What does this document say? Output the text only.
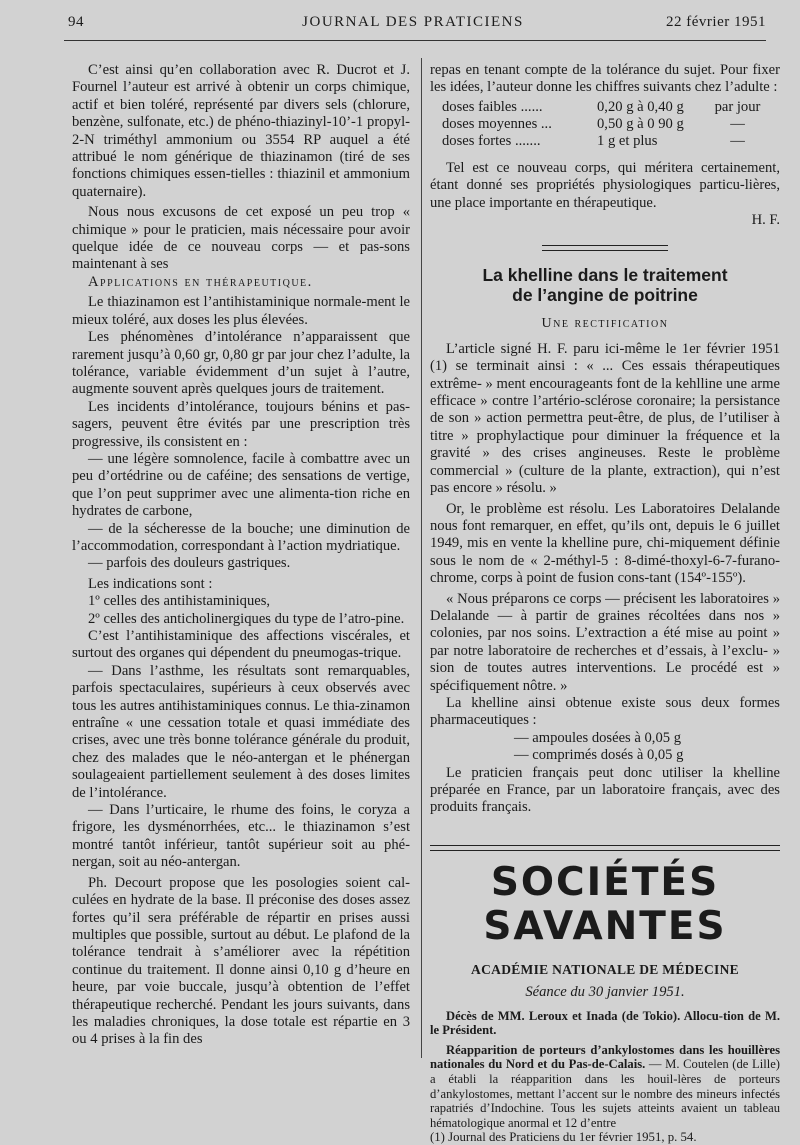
94	JOURNAL DES PRATICIENS	22 février 1951

C’est ainsi qu’en collaboration avec R. Ducrot et J. Fournel l’auteur est arrivé à obtenir un corps chimique, actif et bien toléré, représenté par divers sels (chlorure, benzène, sulfonate, etc.) de phéno-thiazinyl-10’-1 propyl-2-N triméthyl ammonium ou 3554 RP auquel a été attribué le nom générique de thiazinamon (tiré de ses fonctions chimiques essen-tielles : thiazinil et ammonium quaternaire).

Nous nous excusons de cet exposé un peu trop « chimique » pour le praticien, mais nécessaire pour avoir quelque idée de ce nouveau corps — et pas-sons maintenant à ses

Applications en thérapeutique.

Le thiazinamon est l’antihistaminique normale-ment le mieux toléré, aux doses les plus élevées.

Les phénomènes d’intolérance n’apparaissent que rarement jusqu’à 0,60 gr, 0,80 gr par jour chez l’adulte, la tolérance, variable évidemment d’un sujet à l’autre, augmente souvent après quelques jours de traitement.

Les incidents d’intolérance, toujours bénins et pas-sagers, peuvent être évités par une prescription très progressive, ils consistent en :

— une légère somnolence, facile à combattre avec un peu d’ortédrine ou de caféine; des sensations de vertige, que l’on peut supprimer avec une alimenta-tion riche en hydrates de carbone,

— de la sécheresse de la bouche; une diminution de l’accommodation, correspondant à l’action mydriatique.

— parfois des douleurs gastriques.

Les indications sont :

1º celles des antihistaminiques,

2º celles des anticholinergiques du type de l’atro-pine.

C’est l’antihistaminique des affections viscérales, et surtout des organes qui dépendent du pneumogas-trique.

— Dans l’asthme, les résultats sont remarquables, parfois spectaculaires, supérieurs à ceux observés avec tous les autres antihistaminiques connus. Le thia-zinamon entraîne « une cessation totale et quasi immédiate des crises, avec une très bonne tolérance générale du produit, chez des malades que le néo-antergan et le phénergan soulageaient partiellement seulement à des doses limites de l’intolérance.

— Dans l’urticaire, le rhume des foins, le coryza a frigore, les dysménorrhées, etc... le thiazinamon s’est montré tantôt inférieur, tantôt supérieur soit au phé-nergan, soit au néo-antergan.

Ph. Decourt propose que les posologies soient cal-culées en hydrate de la base. Il préconise des doses assez fortes qu’il sera préférable de répartir en prises aussi multiples que possible, surtout au début. Le plafond de la tolérance tendrait à s’améliorer avec la répétition continue du traitement. Il donne ainsi 0,10 g d’heure en heure, par voie buccale, jusqu’à obtention de l’effet thérapeutique recherché. Pendant les jours suivants, dans les maladies chroniques, la dose totale est répartie en 3 ou 4 prises à la fin des

repas en tenant compte de la tolérance du sujet. Pour fixer les idées, l’auteur donne les chiffres suivants chez l’adulte :

doses faibles ......	0,20 g à 0,40 g	par jour
doses moyennes ...	0,50 g à 0 90 g	—
doses fortes .......	1 g et plus	—

Tel est ce nouveau corps, qui méritera certainement, étant donné ses propriétés physiologiques particu-lières, une place importante en thérapeutique.

H. F.

La khelline dans le traitement
de l’angine de poitrine
Une rectification

L’article signé H. F. paru ici-même le 1er février 1951 (1) se terminait ainsi : « ... Ces essais thérapeutiques extrême- » ment encourageants font de la kehlline une arme efficace » contre l’artério-sclérose coronaire; la persistance de son » action permettra peut-être, de plus, de l’utiliser à titre » prophylactique pour diminuer la fréquence et la gravité » des crises angineuses. Reste le problème commercial » (culture de la plante, extraction), qui n’est pas encore » résolu. »

Or, le problème est résolu. Les Laboratoires Delalande nous font remarquer, en effet, qu’ils ont, depuis le 6 juillet 1949, mis en vente la khelline pure, chi-miquement définie sous le nom de « 2-méthyl-5 : 8-dimé-thoxyl-6-7-furano-chrome, corps à point de fusion cons-tant (154º-155º).

« Nous préparons ce corps — précisent les laboratoires » Delalande — à partir de graines récoltées dans nos » colonies, par nos soins. L’extraction a été mise au point » par notre laboratoire de recherches et d’essais, à l’exclu- » sion de toutes autres interventions. Le procédé est » spécifiquement nôtre. »

La khelline ainsi obtenue existe sous deux formes pharmaceutiques :

— ampoules dosées à 0,05 g

— comprimés dosés à 0,05 g

Le praticien français peut donc utiliser la khelline préparée en France, par un laboratoire français, avec des produits français.

SOCIÉTÉS SAVANTES
ACADÉMIE NATIONALE DE MÉDECINE
Séance du 30 janvier 1951.

Décès de MM. Leroux et Inada (de Tokio). Allocu-tion de M. le Président.

Réapparition de porteurs d’ankylostomes dans les houillères nationales du Nord et du Pas-de-Calais. — M. Coutelen (de Lille) a établi la réapparition dans les houil-lères de porteurs d’ankylostomes, mettant l’accent sur le nombre des mineurs infectés rapatriés d’Indochine. Tous les sujets atteints avaient un tableau hématologique anormal et 12 d’entre

(1) Journal des Praticiens du 1er février 1951, p. 54.
